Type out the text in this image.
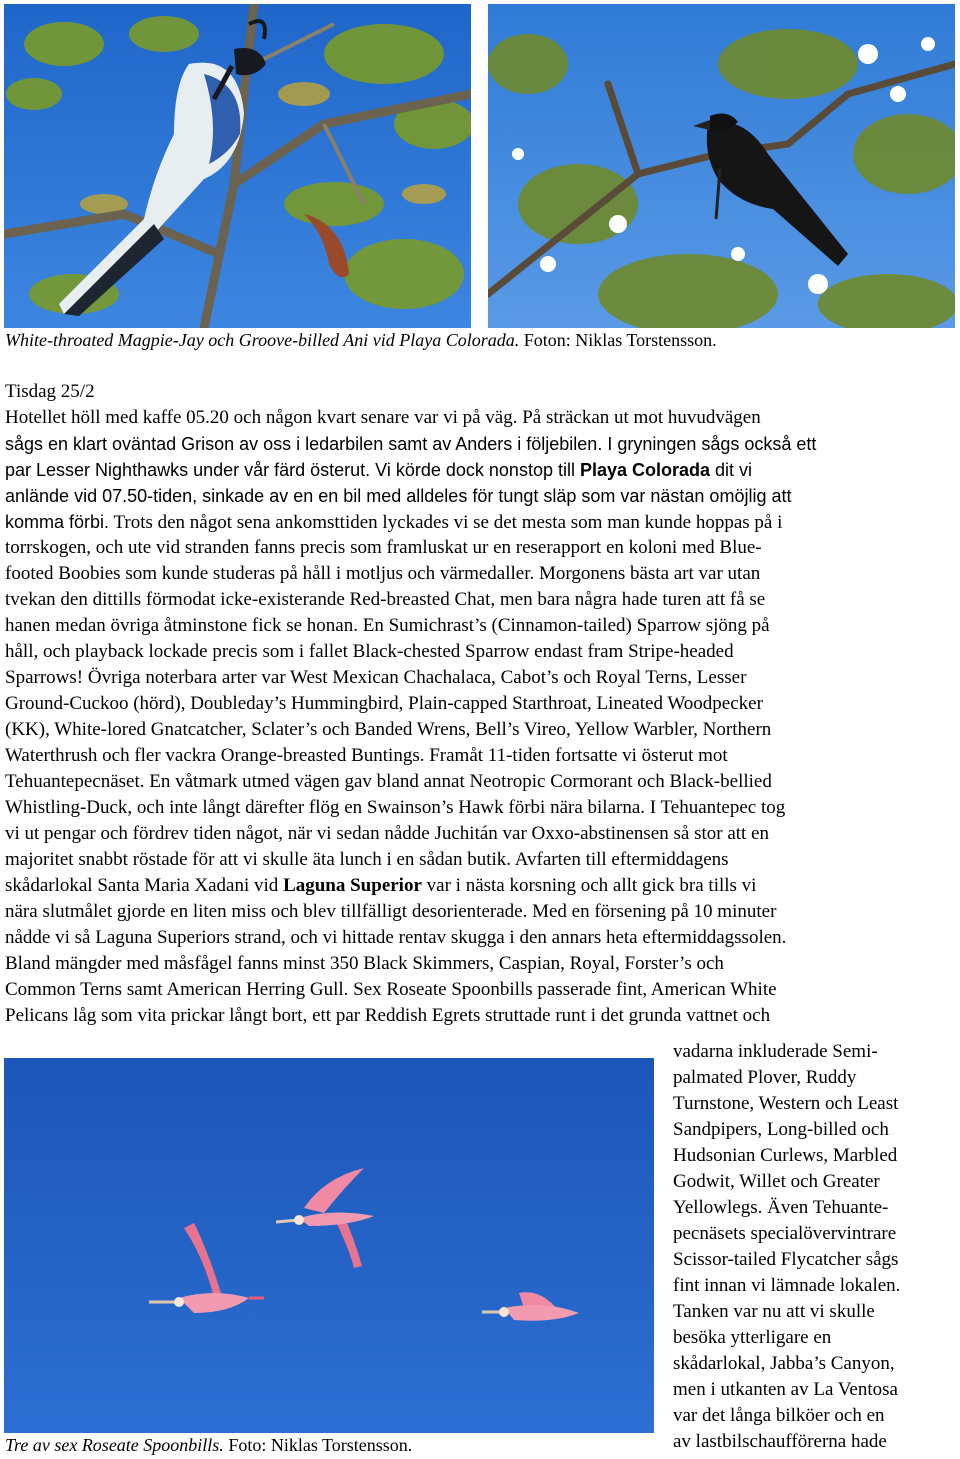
White-throated Magpie-Jay och Groove-billed Ani vid Playa Colorada. Foton: Niklas Torstensson.
Tisdag 25/2
Hotellet höll med kaffe 05.20 och någon kvart senare var vi på väg. På sträckan ut mot huvudvägen
sågs en klart oväntad Grison av oss i ledarbilen samt av Anders i följebilen. I gryningen sågs också ett
par Lesser Nighthawks under vår färd österut. Vi körde dock nonstop till Playa Colorada dit vi
anlände vid 07.50-tiden, sinkade av en en bil med alldeles för tungt släp som var nästan omöjlig att
komma förbi. Trots den något sena ankomsttiden lyckades vi se det mesta som man kunde hoppas på i
torrskogen, och ute vid stranden fanns precis som framluskat ur en reserapport en koloni med Blue-
footed Boobies som kunde studeras på håll i motljus och värmedaller. Morgonens bästa art var utan
tvekan den dittills förmodat icke-existerande Red-breasted Chat, men bara några hade turen att få se
hanen medan övriga åtminstone fick se honan. En Sumichrast’s (Cinnamon-tailed) Sparrow sjöng på
håll, och playback lockade precis som i fallet Black-chested Sparrow endast fram Stripe-headed
Sparrows! Övriga noterbara arter var West Mexican Chachalaca, Cabot’s och Royal Terns, Lesser
Ground-Cuckoo (hörd), Doubleday’s Hummingbird, Plain-capped Starthroat, Lineated Woodpecker
(KK), White-lored Gnatcatcher, Sclater’s och Banded Wrens, Bell’s Vireo, Yellow Warbler, Northern
Waterthrush och fler vackra Orange-breasted Buntings. Framåt 11-tiden fortsatte vi österut mot
Tehuantepecnäset. En våtmark utmed vägen gav bland annat Neotropic Cormorant och Black-bellied
Whistling-Duck, och inte långt därefter flög en Swainson’s Hawk förbi nära bilarna. I Tehuantepec tog
vi ut pengar och fördrev tiden något, när vi sedan nådde Juchitán var Oxxo-abstinensen så stor att en
majoritet snabbt röstade för att vi skulle äta lunch i en sådan butik. Avfarten till eftermiddagens
skådarlokal Santa Maria Xadani vid Laguna Superior var i nästa korsning och allt gick bra tills vi
nära slutmålet gjorde en liten miss och blev tillfälligt desorienterade. Med en försening på 10 minuter
nådde vi så Laguna Superiors strand, och vi hittade rentav skugga i den annars heta eftermiddagssolen.
Bland mängder med måsfågel fanns minst 350 Black Skimmers, Caspian, Royal, Forster’s och
Common Terns samt American Herring Gull. Sex Roseate Spoonbills passerade fint, American White
Pelicans låg som vita prickar långt bort, ett par Reddish Egrets struttade runt i det grunda vattnet och
vadarna inkluderade Semi-
palmated Plover, Ruddy
Turnstone, Western och Least
Sandpipers, Long-billed och
Hudsonian Curlews, Marbled
Godwit, Willet och Greater
Yellowlegs. Även Tehuante-
pecnäsets specialövervintrare
Scissor-tailed Flycatcher sågs
fint innan vi lämnade lokalen.
Tanken var nu att vi skulle
besöka ytterligare en
skådarlokal, Jabba’s Canyon,
men i utkanten av La Ventosa
var det långa bilköer och en
av lastbilschaufförerna hade
Tre av sex Roseate Spoonbills. Foto: Niklas Torstensson.
